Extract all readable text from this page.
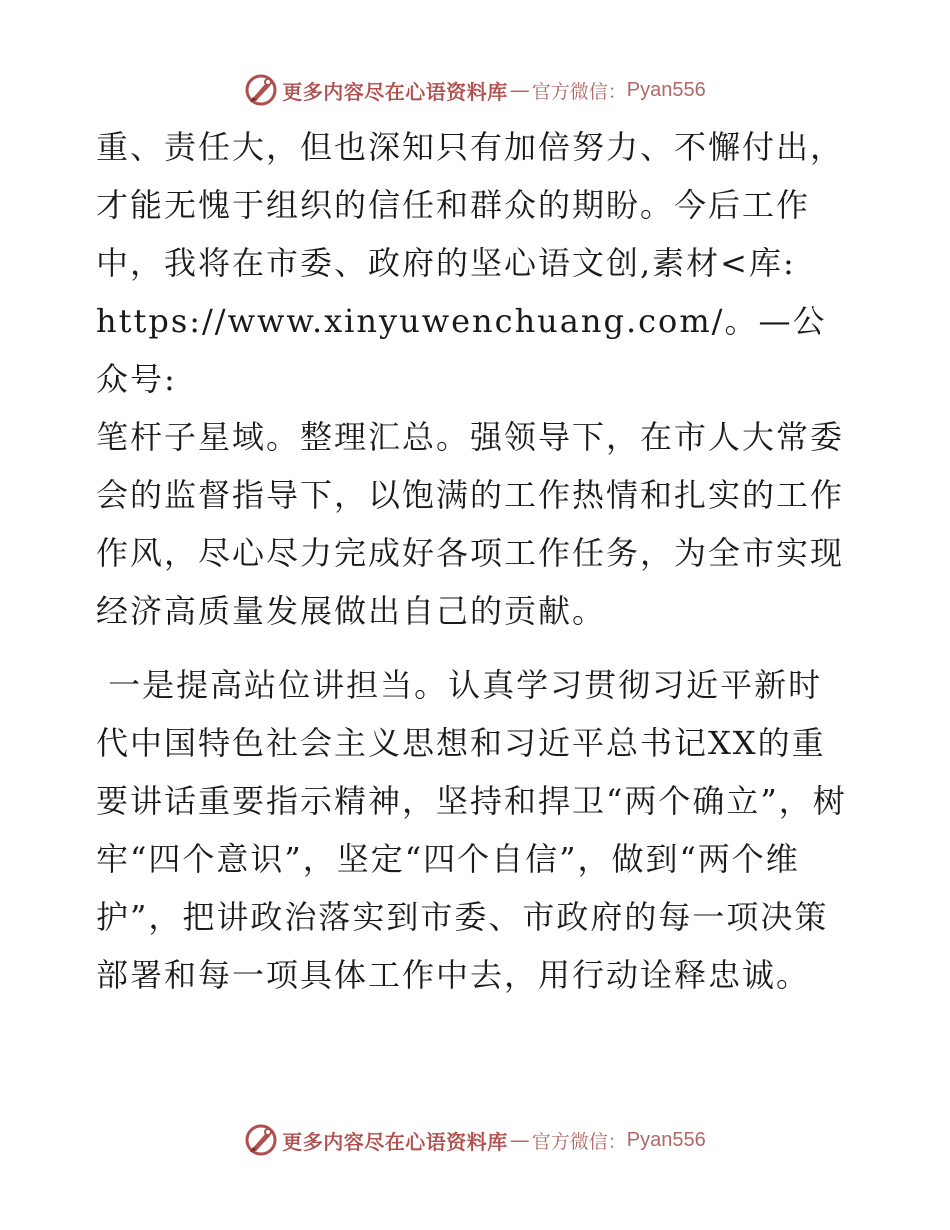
更多内容尽在心语资料库 — 官方微信： Pyan556

重、责任大，但也深知只有加倍努力、不懈付出，才能无愧于组织的信任和群众的期盼。今后工作中，我将在市委、政府的坚心语文创,素材<库:
https://www.xinyuwenchuang.com/。—公众号:
笔杆子星域。整理汇总。强领导下，在市人大常委会的监督指导下，以饱满的工作热情和扎实的工作作风，尽心尽力完成好各项工作任务，为全市实现经济高质量发展做出自己的贡献。

一是提高站位讲担当。认真学习贯彻习近平新时代中国特色社会主义思想和习近平总书记XX的重要讲话重要指示精神，坚持和捍卫“两个确立”，树牢“四个意识”，坚定“四个自信”，做到“两个维护”，把讲政治落实到市委、市政府的每一项决策部署和每一项具体工作中去，用行动诠释忠诚。

更多内容尽在心语资料库 — 官方微信： Pyan556
